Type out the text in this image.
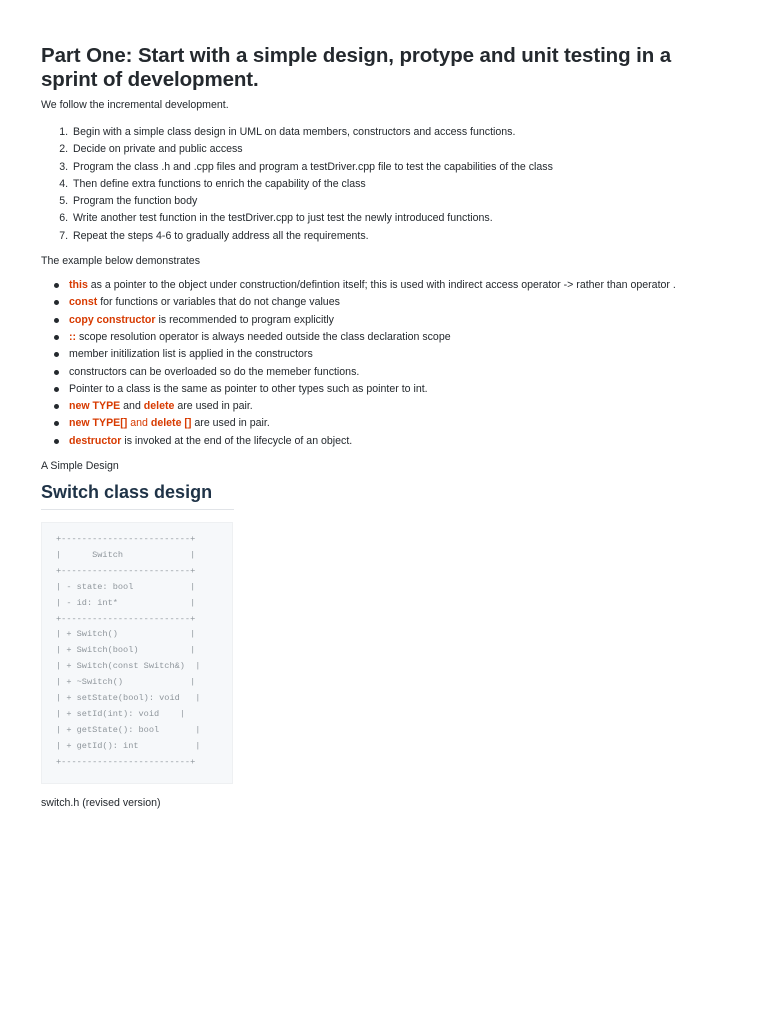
Part One: Start with a simple design, protype and unit testing in a sprint of development.

We follow the incremental development.

1. Begin with a simple class design in UML on data members, constructors and access functions.
2. Decide on private and public access
3. Program the class .h and .cpp files and program a testDriver.cpp file to test the capabilities of the class
4. Then define extra functions to enrich the capability of the class
5. Program the function body
6. Write another test function in the testDriver.cpp to just test the newly introduced functions.
7. Repeat the steps 4-6 to gradually address all the requirements.

The example below demonstrates

this as a pointer to the object under construction/defintion itself; this is used with indirect access operator -> rather than operator .
const for functions or variables that do not change values
copy constructor is recommended to program explicitly
:: scope resolution operator is always needed outside the class declaration scope
member initilization list is applied in the constructors
constructors can be overloaded so do the memeber functions.
Pointer to a class is the same as pointer to other types such as pointer to int.
new TYPE and delete are used in pair.
new TYPE[] and delete [] are used in pair.
destructor is invoked at the end of the lifecycle of an object.

A Simple Design

Switch class design
+-------------------------+
|      Switch             |
+-------------------------+
| - state: bool           |
| - id: int*              |
+-------------------------+
| + Switch()              |
| + Switch(bool)          |
| + Switch(const Switch&)  |
| + ~Switch()             |
| + setState(bool): void   |
| + setId(int): void    |
| + getState(): bool       |
| + getId(): int           |
+-------------------------+

switch.h (revised version)
